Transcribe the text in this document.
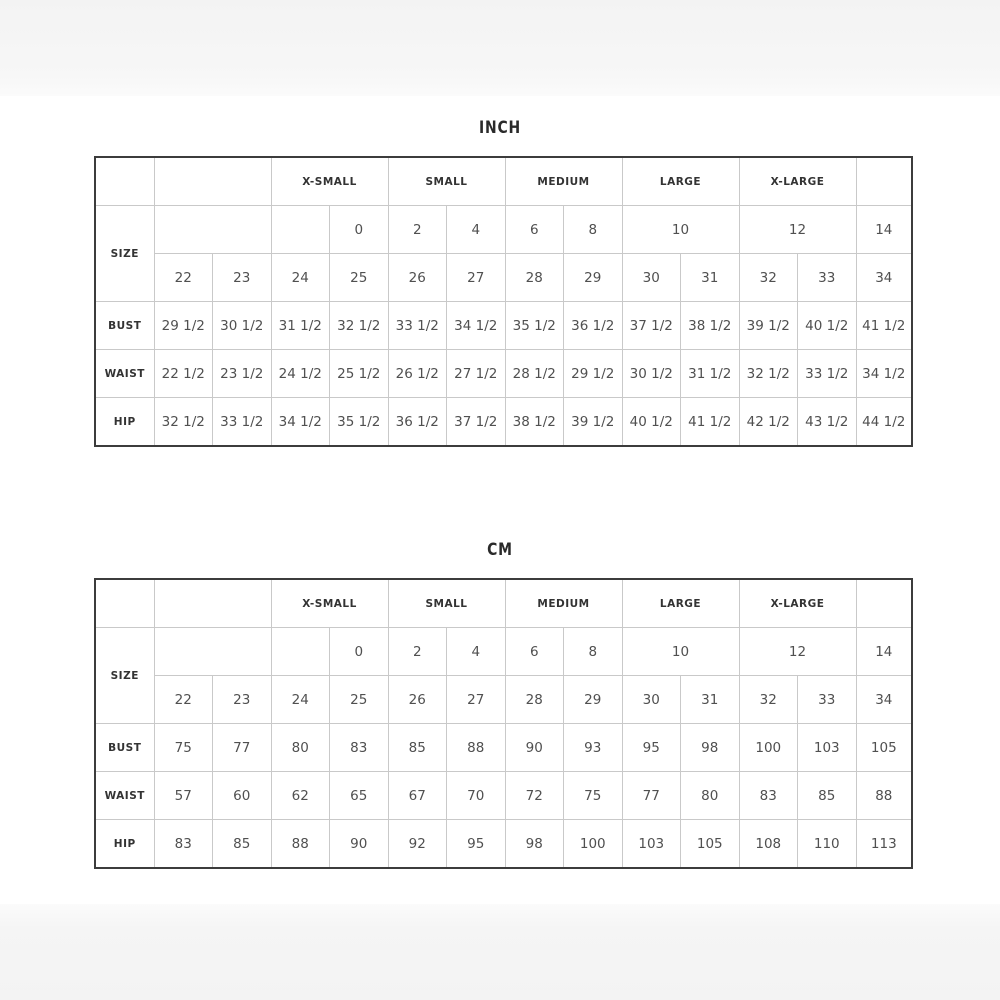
INCH
			X-SMALL		SMALL		MEDIUM		LARGE		X-LARGE		
SIZE				0	2	4	6	8	10		12		14
	22	23	24	25	26	27	28	29	30	31	32	33	34
BUST	29 1/2	30 1/2	31 1/2	32 1/2	33 1/2	34 1/2	35 1/2	36 1/2	37 1/2	38 1/2	39 1/2	40 1/2	41 1/2
WAIST	22 1/2	23 1/2	24 1/2	25 1/2	26 1/2	27 1/2	28 1/2	29 1/2	30 1/2	31 1/2	32 1/2	33 1/2	34 1/2
HIP	32 1/2	33 1/2	34 1/2	35 1/2	36 1/2	37 1/2	38 1/2	39 1/2	40 1/2	41 1/2	42 1/2	43 1/2	44 1/2
CM
			X-SMALL		SMALL		MEDIUM		LARGE		X-LARGE		
SIZE				0	2	4	6	8	10		12		14
	22	23	24	25	26	27	28	29	30	31	32	33	34
BUST	75	77	80	83	85	88	90	93	95	98	100	103	105
WAIST	57	60	62	65	67	70	72	75	77	80	83	85	88
HIP	83	85	88	90	92	95	98	100	103	105	108	110	113
